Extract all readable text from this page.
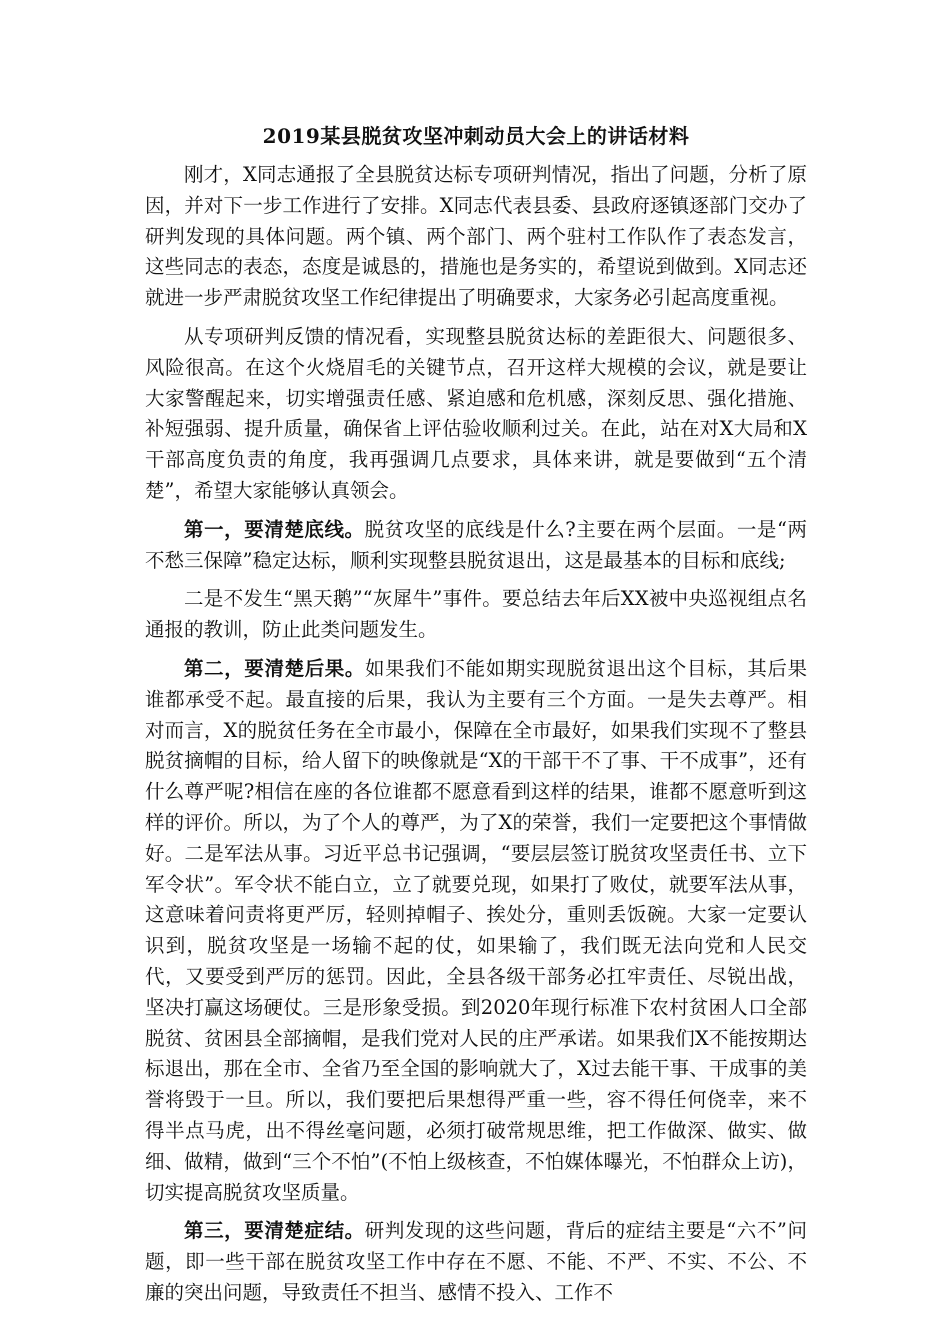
2019某县脱贫攻坚冲刺动员大会上的讲话材料

刚才，X同志通报了全县脱贫达标专项研判情况，指出了问题，分析了原因，并对下一步工作进行了安排。X同志代表县委、县政府逐镇逐部门交办了研判发现的具体问题。两个镇、两个部门、两个驻村工作队作了表态发言，这些同志的表态，态度是诚恳的，措施也是务实的，希望说到做到。X同志还就进一步严肃脱贫攻坚工作纪律提出了明确要求，大家务必引起高度重视。

从专项研判反馈的情况看，实现整县脱贫达标的差距很大、问题很多、风险很高。在这个火烧眉毛的关键节点，召开这样大规模的会议，就是要让大家警醒起来，切实增强责任感、紧迫感和危机感，深刻反思、强化措施、补短强弱、提升质量，确保省上评估验收顺利过关。在此，站在对X大局和X干部高度负责的角度，我再强调几点要求，具体来讲，就是要做到“五个清楚”，希望大家能够认真领会。

第一，要清楚底线。脱贫攻坚的底线是什么?主要在两个层面。一是“两不愁三保障”稳定达标，顺利实现整县脱贫退出，这是最基本的目标和底线;

二是不发生“黑天鹅”“灰犀牛”事件。要总结去年后XX被中央巡视组点名通报的教训，防止此类问题发生。

第二，要清楚后果。如果我们不能如期实现脱贫退出这个目标，其后果谁都承受不起。最直接的后果，我认为主要有三个方面。一是失去尊严。相对而言，X的脱贫任务在全市最小，保障在全市最好，如果我们实现不了整县脱贫摘帽的目标，给人留下的映像就是“X的干部干不了事、干不成事”，还有什么尊严呢?相信在座的各位谁都不愿意看到这样的结果，谁都不愿意听到这样的评价。所以，为了个人的尊严，为了X的荣誉，我们一定要把这个事情做好。二是军法从事。习近平总书记强调，“要层层签订脱贫攻坚责任书、立下军令状”。军令状不能白立，立了就要兑现，如果打了败仗，就要军法从事，这意味着问责将更严厉，轻则掉帽子、挨处分，重则丢饭碗。大家一定要认识到，脱贫攻坚是一场输不起的仗，如果输了，我们既无法向党和人民交代，又要受到严厉的惩罚。因此，全县各级干部务必扛牢责任、尽锐出战，坚决打赢这场硬仗。三是形象受损。到2020年现行标准下农村贫困人口全部脱贫、贫困县全部摘帽，是我们党对人民的庄严承诺。如果我们X不能按期达标退出，那在全市、全省乃至全国的影响就大了，X过去能干事、干成事的美誉将毁于一旦。所以，我们要把后果想得严重一些，容不得任何侥幸，来不得半点马虎，出不得丝毫问题，必须打破常规思维，把工作做深、做实、做细、做精，做到“三个不怕”(不怕上级核查，不怕媒体曝光，不怕群众上访)，切实提高脱贫攻坚质量。

第三，要清楚症结。研判发现的这些问题，背后的症结主要是“六不”问题，即一些干部在脱贫攻坚工作中存在不愿、不能、不严、不实、不公、不廉的突出问题，导致责任不担当、感情不投入、工作不
